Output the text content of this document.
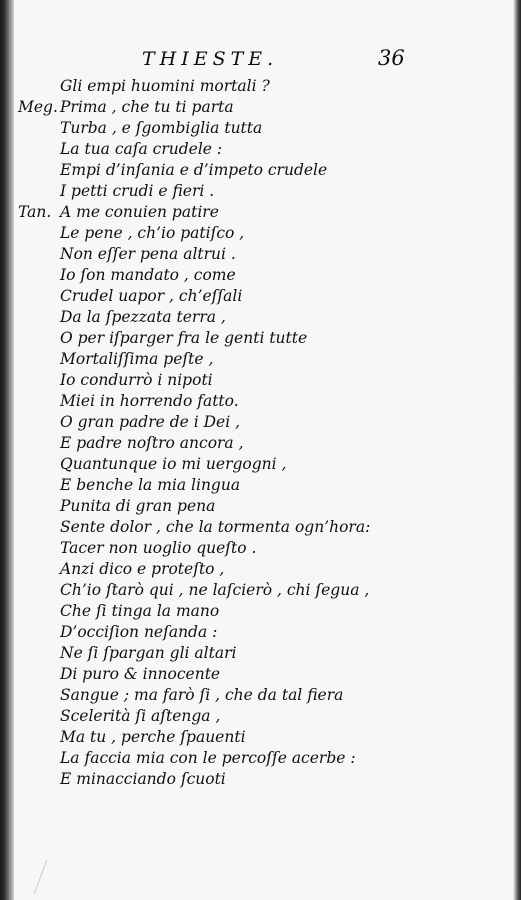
THIESTE.	36
Gli empi huomini mortali ?
Meg. Prima , che tu ti parta
Turba , e ſgombiglia tutta
La tua caſa crudele :
Empi d’inſania e d’impeto crudele
I petti crudi e fieri .
Tan. A me conuien patire
Le pene , ch’io patiſco ,
Non eſſer pena altrui .
Io ſon mandato , come
Crudel uapor , ch’eſſali
Da la ſpezzata terra ,
O per iſparger fra le genti tutte
Mortaliſſima peſte ,
Io condurrò i nipoti
Miei in horrendo fatto.
O gran padre de i Dei ,
E padre noſtro ancora ,
Quantunque io mi uergogni ,
E benche la mia lingua
Punita di gran pena
Sente dolor , che la tormenta ogn’hora:
Tacer non uoglio queſto .
Anzi dico e proteſto ,
Ch’io ſtarò qui , ne laſcierò , chi ſegua ,
Che ſi tinga la mano
D’occiſion neſanda :
Ne ſi ſpargan gli altari
Di puro & innocente
Sangue ; ma farò ſi , che da tal fiera
Scelerità ſi aſtenga ,
Ma tu , perche ſpauenti
La faccia mia con le percoſſe acerbe :
E minacciando ſcuoti
